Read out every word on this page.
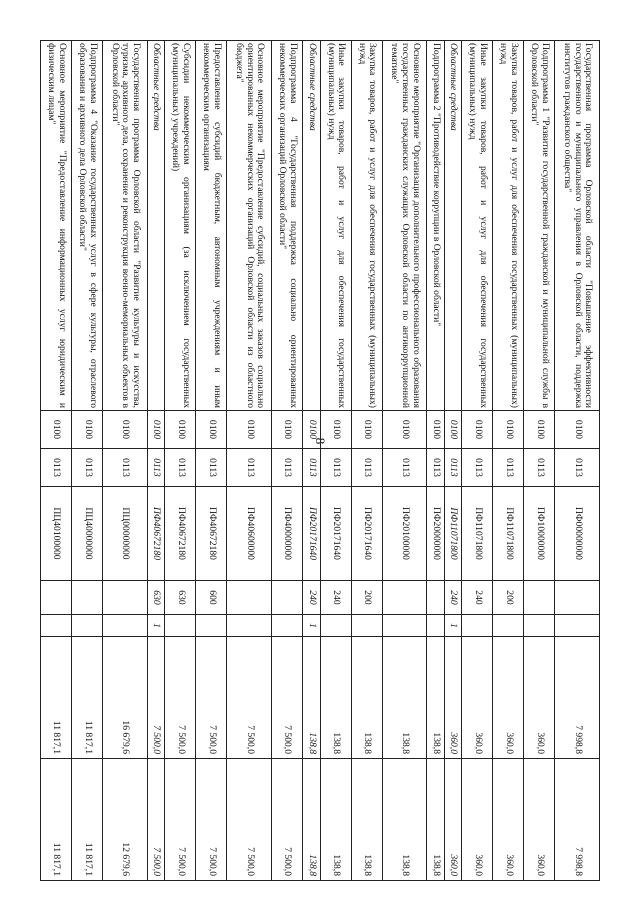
8
Государственная программа Орловской области "Повышение эффективности государственного и муниципального управления в Орловской области, поддержка институтов гражданского общества"	0100	0113	ПФ00000000			7 998,8	7 998,8
Подпрограмма 1 "Развитие государственной гражданской и муниципальной службы в Орловской области"	0100	0113	ПФ10000000			360,0	360,0
Закупка товаров, работ и услуг для обеспечения государственных (муниципальных) нужд	0100	0113	ПФ11071800	200		360,0	360,0
Иные закупки товаров, работ и услуг для обеспечения государственных (муниципальных) нужд	0100	0113	ПФ11071800	240		360,0	360,0
Областные средства	0100	0113	ПФ11071800	240	1	360,0	360,0
Подпрограмма 2 "Противодействие коррупции в Орловской области"	0100	0113	ПФ20000000			138,8	138,8
Основное мероприятие "Организация дополнительного профессионального образования государственных гражданских служащих Орловской области по антикоррупционной тематике"	0100	0113	ПФ20100000			138,8	138,8
Закупка товаров, работ и услуг для обеспечения государственных (муниципальных) нужд	0100	0113	ПФ20171640	200		138,8	138,8
Иные закупки товаров, работ и услуг для обеспечения государственных (муниципальных) нужд	0100	0113	ПФ20171640	240		138,8	138,8
Областные средства	0100	0113	ПФ20171640	240	1	138,8	138,8
Подпрограмма 4 "Государственная поддержка социально ориентированных некоммерческих организаций Орловской области"	0100	0113	ПФ40000000			7 500,0	7 500,0
Основное мероприятие "Предоставление субсидий, социальных заказов социально ориентированных некоммерческих организаций Орловской области из областного бюджета"	0100	0113	ПФ40600000			7 500,0	7 500,0
Предоставление субсидий бюджетным, автономным учреждениям и иным некоммерческим организациям	0100	0113	ПФ40672180	600		7 500,0	7 500,0
Субсидии некоммерческим организациям (за исключением государственных (муниципальных) учреждений)	0100	0113	ПФ40672180	630		7 500,0	7 500,0
Областные средства	0100	0113	ПФ40672180	630	1	7 500,0	7 500,0
Государственная программа Орловской области "Развитие культуры и искусства, туризма, архивного дела, сохранение и реконструкция военно-мемориальных объектов в Орловской области"	0100	0113	ПЦ00000000			16 679,6	12 679,6
Подпрограмма 4 "Оказание государственных услуг в сфере культуры, отраслевого образования и архивного дела Орловской области"	0100	0113	ПЦ40000000			11 817,1	11 817,1
Основное мероприятие "Предоставление информационных услуг юридическим и физическим лицам"	0100	0113	ПЦ40100000			11 817,1	11 817,1
